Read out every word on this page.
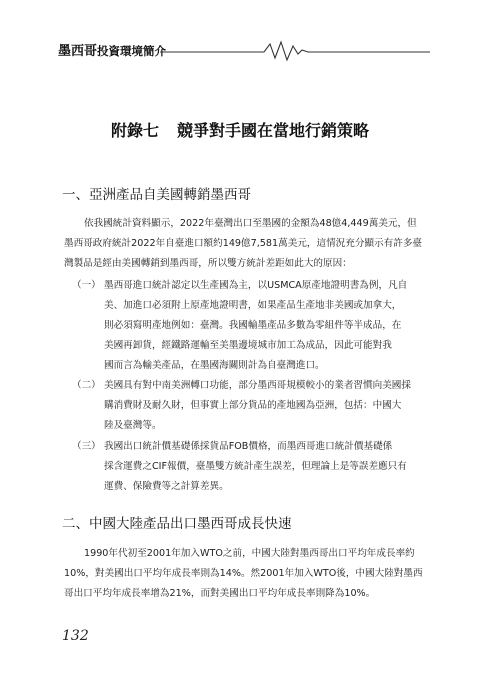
墨西哥投資環境簡介
附錄七 競爭對手國在當地行銷策略
一、亞洲產品自美國轉銷墨西哥
依我國統計資料顯示，2022年臺灣出口至墨國的金額為48億4,449萬美元，但
墨西哥政府統計2022年自臺進口額約149億7,581萬美元，這情況充分顯示有許多臺
灣製品是經由美國轉銷到墨西哥，所以雙方統計差距如此大的原因：
（一） 墨西哥進口統計認定以生產國為主，以USMCA原產地證明書為例，凡自
美、加進口必須附上原產地證明書，如果產品生產地非美國或加拿大，
則必須寫明產地例如：臺灣。我國輸墨產品多數為零組件等半成品，在
美國再卸貨，經鐵路運輸至美墨邊境城市加工為成品，因此可能對我
國而言為輸美產品，在墨國海關則計為自臺灣進口。
（二） 美國具有對中南美洲轉口功能，部分墨西哥規模較小的業者習慣向美國採
購消費財及耐久財，但事實上部分貨品的產地國為亞洲，包括：中國大
陸及臺灣等。
（三） 我國出口統計價基礎係採貨品FOB價格，而墨西哥進口統計價基礎係
採含運費之CIF報價，臺墨雙方統計產生誤差，但理論上是等誤差應只有
運費、保險費等之計算差異。
二、中國大陸產品出口墨西哥成長快速
1990年代初至2001年加入WTO之前，中國大陸對墨西哥出口平均年成長率約
10%，對美國出口平均年成長率則為14%。然2001年加入WTO後，中國大陸對墨西
哥出口平均年成長率增為21%，而對美國出口平均年成長率則降為10%。
132
